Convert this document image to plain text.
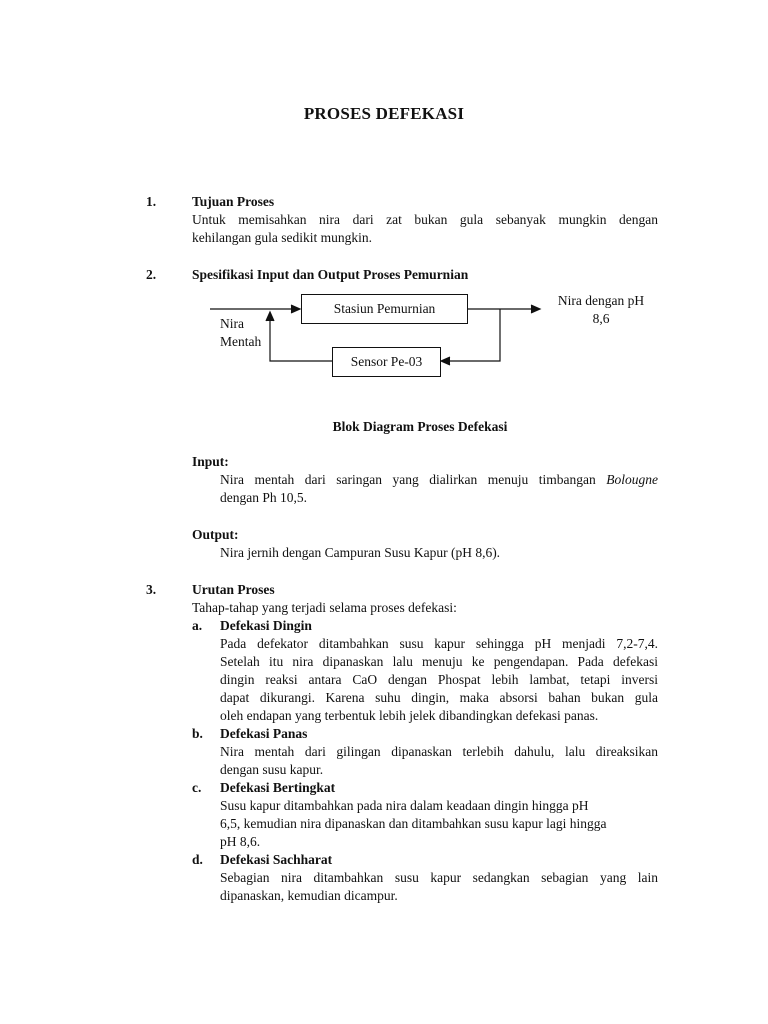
PROSES DEFEKASI
1.	Tujuan Proses
Untuk memisahkan nira dari zat bukan gula sebanyak mungkin dengan
kehilangan gula sedikit mungkin.
2.	Spesifikasi Input dan Output Proses Pemurnian
Stasiun Pemurnian
Sensor Pe-03
Nira
Mentah
Nira dengan pH
8,6
Blok Diagram Proses Defekasi
Input:
Nira mentah dari saringan yang dialirkan menuju timbangan Bolougne
dengan Ph 10,5.
Output:
Nira jernih dengan Campuran Susu Kapur (pH 8,6).
3.	Urutan Proses
Tahap-tahap yang terjadi selama proses defekasi:
a. Defekasi Dingin
Pada defekator ditambahkan susu kapur sehingga pH menjadi 7,2-7,4.
Setelah itu nira dipanaskan lalu menuju ke pengendapan. Pada defekasi
dingin reaksi antara CaO dengan Phospat lebih lambat, tetapi inversi
dapat dikurangi. Karena suhu dingin, maka absorsi bahan bukan gula
oleh endapan yang terbentuk lebih jelek dibandingkan defekasi panas.
b. Defekasi Panas
Nira mentah dari gilingan dipanaskan terlebih dahulu, lalu direaksikan
dengan susu kapur.
c. Defekasi Bertingkat
Susu kapur ditambahkan pada nira dalam keadaan dingin hingga pH
6,5, kemudian nira dipanaskan dan ditambahkan susu kapur lagi hingga
pH 8,6.
d. Defekasi Sachharat
Sebagian nira ditambahkan susu kapur sedangkan sebagian yang lain
dipanaskan, kemudian dicampur.
